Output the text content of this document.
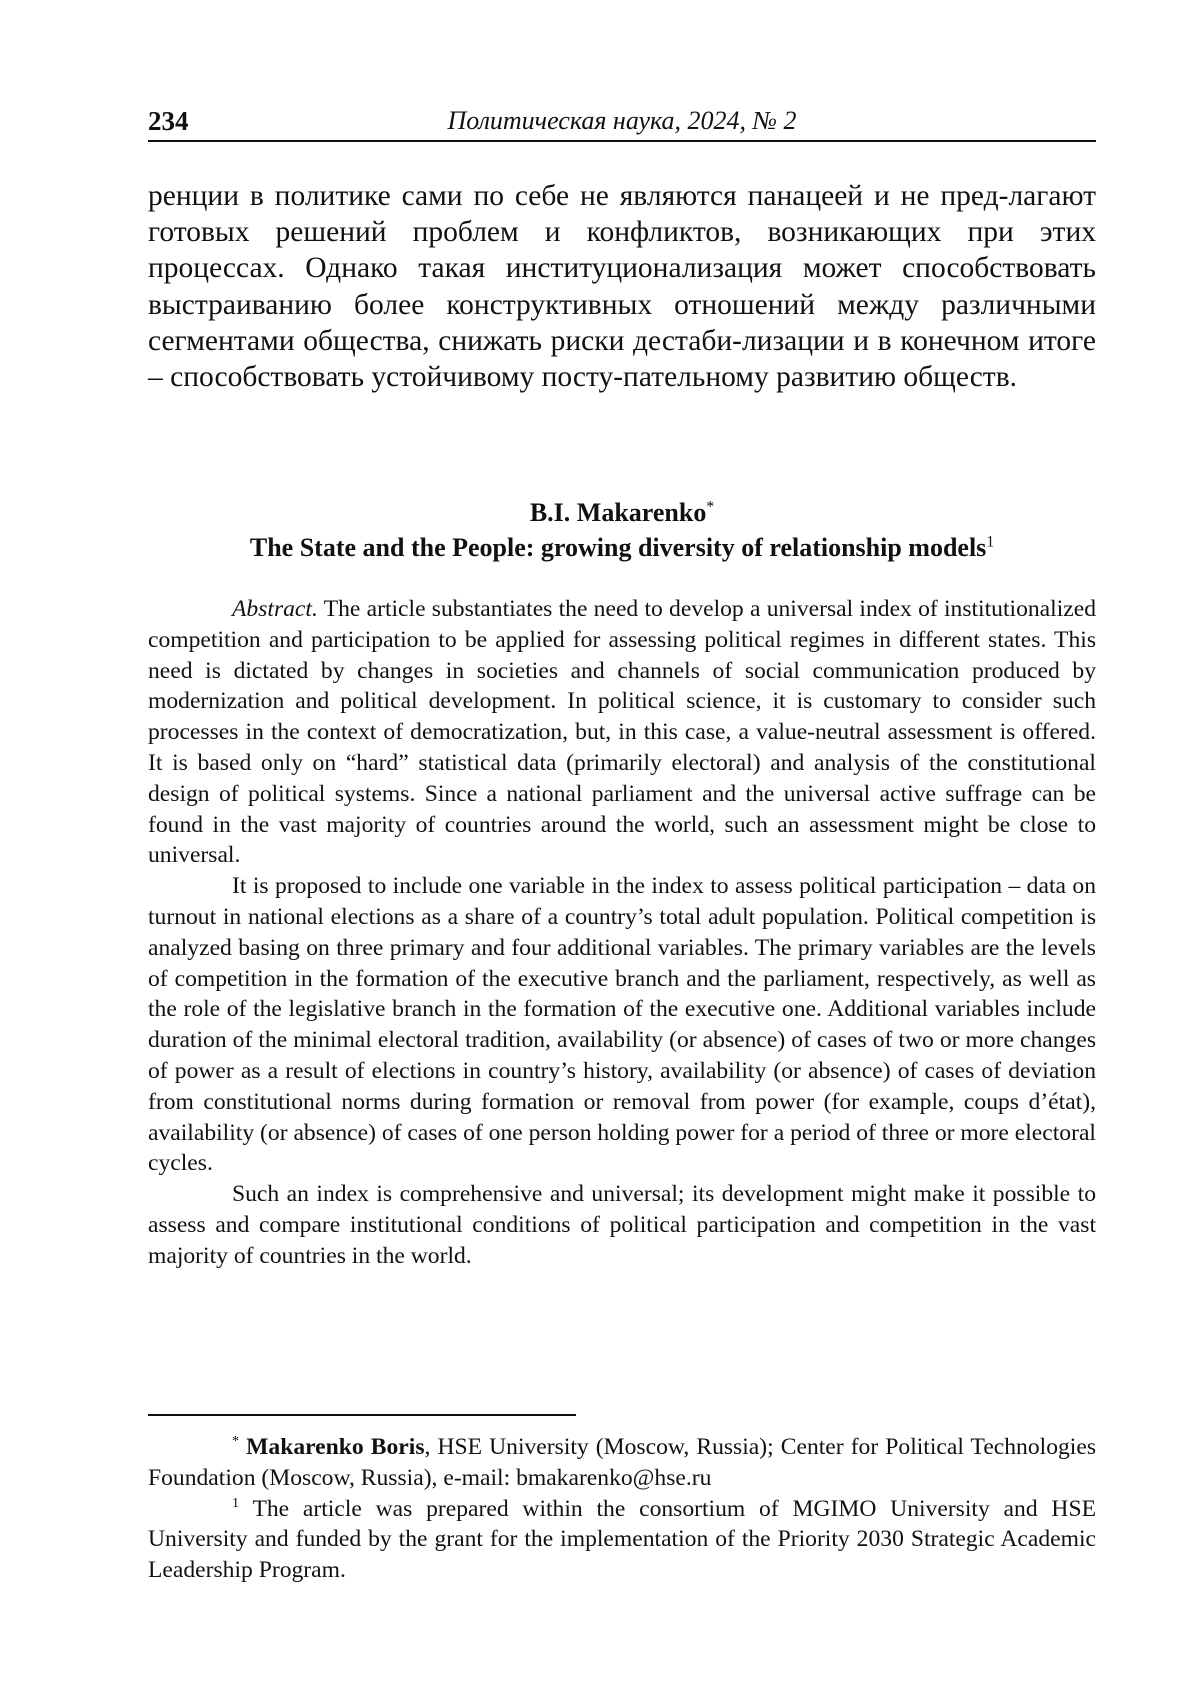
234	Политическая наука, 2024, № 2

ренции в политике сами по себе не являются панацеей и не пред-лагают готовых решений проблем и конфликтов, возникающих при этих процессах. Однако такая институционализация может способствовать выстраиванию более конструктивных отношений между различными сегментами общества, снижать риски дестаби-лизации и в конечном итоге – способствовать устойчивому посту-пательному развитию обществ.

B.I. Makarenko*
The State and the People: growing diversity of relationship models$^1$

Abstract. The article substantiates the need to develop a universal index of institutionalized competition and participation to be applied for assessing political regimes in different states. This need is dictated by changes in societies and channels of social communication produced by modernization and political development. In political science, it is customary to consider such processes in the context of democratization, but, in this case, a value-neutral assessment is offered. It is based only on “hard” statistical data (primarily electoral) and analysis of the constitutional design of political systems. Since a national parliament and the universal active suffrage can be found in the vast majority of countries around the world, such an assessment might be close to universal.

It is proposed to include one variable in the index to assess political participation – data on turnout in national elections as a share of a country’s total adult population. Political competition is analyzed basing on three primary and four additional variables. The primary variables are the levels of competition in the formation of the executive branch and the parliament, respectively, as well as the role of the legislative branch in the formation of the executive one. Additional variables include duration of the minimal electoral tradition, availability (or absence) of cases of two or more changes of power as a result of elections in country’s history, availability (or absence) of cases of deviation from constitutional norms during formation or removal from power (for example, coups d’état), availability (or absence) of cases of one person holding power for a period of three or more electoral cycles.

Such an index is comprehensive and universal; its development might make it possible to assess and compare institutional conditions of political participation and competition in the vast majority of countries in the world.

* Makarenko Boris, HSE University (Moscow, Russia); Center for Political Technologies Foundation (Moscow, Russia), e-mail: bmakarenko@hse.ru

$^1$ The article was prepared within the consortium of MGIMO University and HSE University and funded by the grant for the implementation of the Priority 2030 Strategic Academic Leadership Program.
